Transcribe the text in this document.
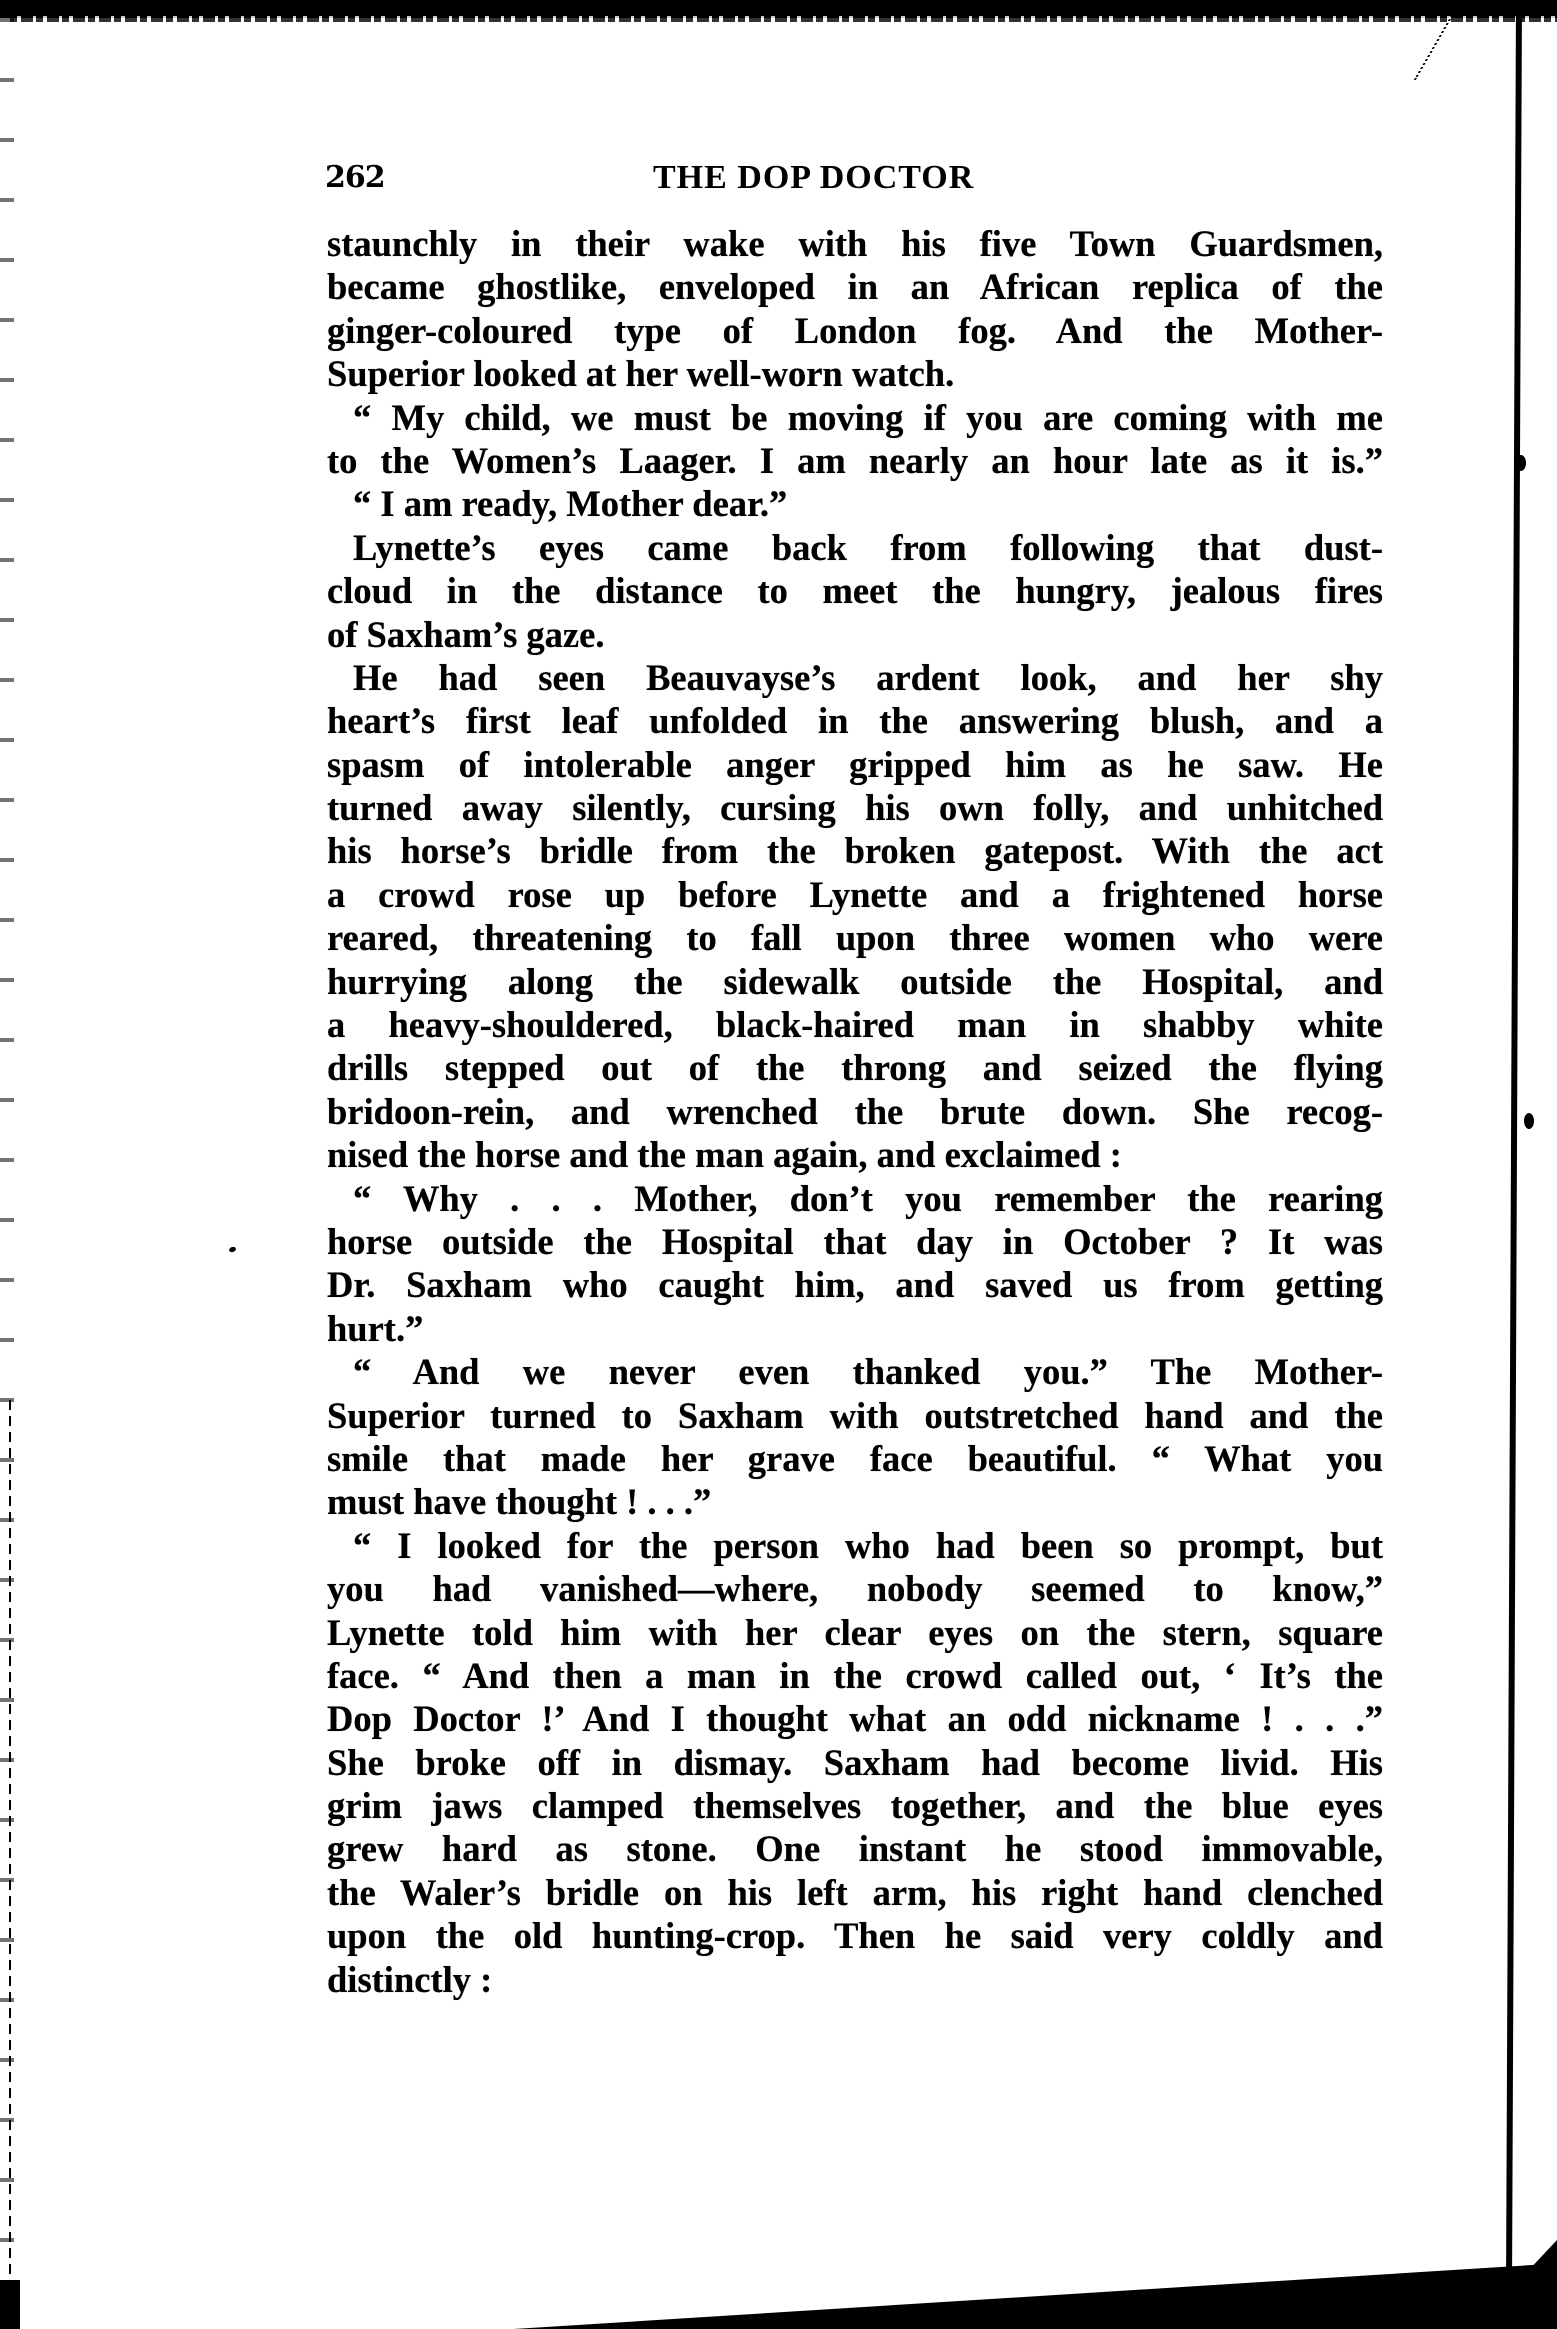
262	THE DOP DOCTOR
staunchly in their wake with his five Town Guardsmen,
became ghostlike, enveloped in an African replica of the
ginger-coloured type of London fog. And the Mother-
Superior looked at her well-worn watch.
“ My child, we must be moving if you are coming with me
to the Women’s Laager. I am nearly an hour late as it is.”
“ I am ready, Mother dear.”
Lynette’s eyes came back from following that dust-
cloud in the distance to meet the hungry, jealous fires
of Saxham’s gaze.
He had seen Beauvayse’s ardent look, and her shy
heart’s first leaf unfolded in the answering blush, and a
spasm of intolerable anger gripped him as he saw. He
turned away silently, cursing his own folly, and unhitched
his horse’s bridle from the broken gatepost. With the act
a crowd rose up before Lynette and a frightened horse
reared, threatening to fall upon three women who were
hurrying along the sidewalk outside the Hospital, and
a heavy-shouldered, black-haired man in shabby white
drills stepped out of the throng and seized the flying
bridoon-rein, and wrenched the brute down. She recog-
nised the horse and the man again, and exclaimed :
“ Why . . . Mother, don’t you remember the rearing
horse outside the Hospital that day in October ? It was
Dr. Saxham who caught him, and saved us from getting
hurt.”
“ And we never even thanked you.” The Mother-
Superior turned to Saxham with outstretched hand and the
smile that made her grave face beautiful. “ What you
must have thought ! . . .”
“ I looked for the person who had been so prompt, but
you had vanished—where, nobody seemed to know,”
Lynette told him with her clear eyes on the stern, square
face. “ And then a man in the crowd called out, ‘ It’s the
Dop Doctor !’ And I thought what an odd nickname ! . . .”
She broke off in dismay. Saxham had become livid. His
grim jaws clamped themselves together, and the blue eyes
grew hard as stone. One instant he stood immovable,
the Waler’s bridle on his left arm, his right hand clenched
upon the old hunting-crop. Then he said very coldly and
distinctly :
